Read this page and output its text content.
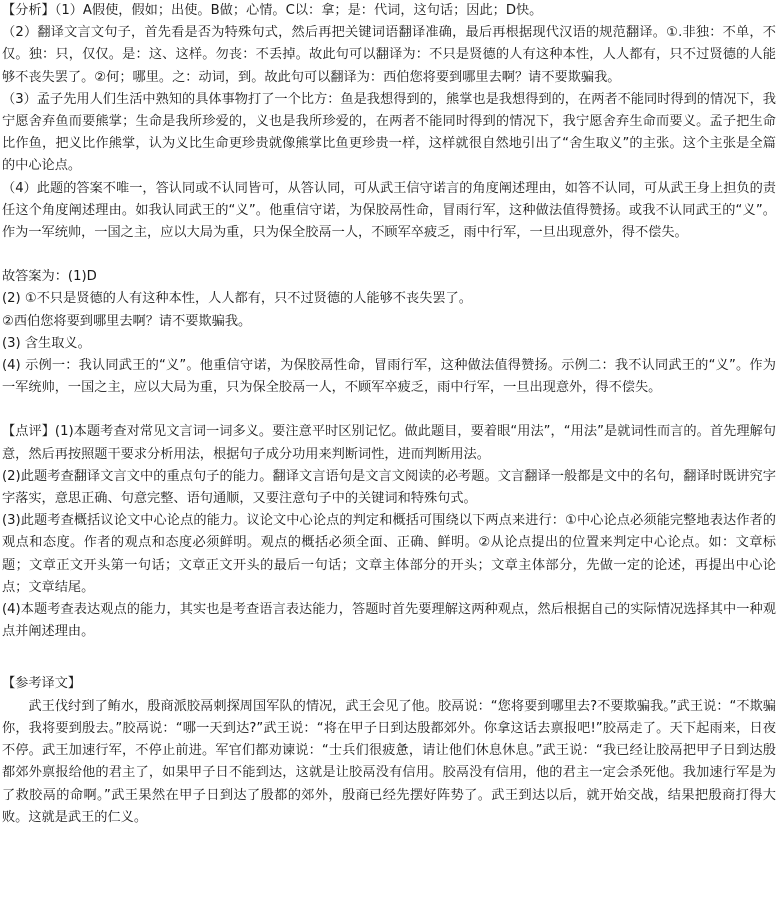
【分析】（1）A假使，假如；出使。B做；心情。C以：拿；是：代词，这句话；因此；D快。

（2）翻译文言文句子，首先看是否为特殊句式，然后再把关键词语翻译准确，最后再根据现代汉语的规范翻译。①.非独：不单，不仅。独：只，仅仅。是：这、这样。勿丧：不丢掉。故此句可以翻译为：不只是贤德的人有这种本性，人人都有，只不过贤德的人能够不丧失罢了。②何；哪里。之：动词，到。故此句可以翻译为：西伯您将要到哪里去啊？请不要欺骗我。

（3）孟子先用人们生活中熟知的具体事物打了一个比方：鱼是我想得到的，熊掌也是我想得到的，在两者不能同时得到的情况下，我宁愿舍弃鱼而要熊掌；生命是我所珍爱的，义也是我所珍爱的，在两者不能同时得到的情况下，我宁愿舍弃生命而要义。孟子把生命比作鱼，把义比作熊掌，认为义比生命更珍贵就像熊掌比鱼更珍贵一样，这样就很自然地引出了“舍生取义”的主张。这个主张是全篇的中心论点。

（4）此题的答案不唯一，答认同或不认同皆可，从答认同，可从武王信守诺言的角度阐述理由，如答不认同，可从武王身上担负的责任这个角度阐述理由。如我认同武王的“义”。他重信守诺，为保胶鬲性命，冒雨行军，这种做法值得赞扬。或我不认同武王的“义”。作为一军统帅，一国之主，应以大局为重，只为保全胶鬲一人，不顾军卒疲乏，雨中行军，一旦出现意外，得不偿失。

故答案为：(1)D

(2) ①不只是贤德的人有这种本性，人人都有，只不过贤德的人能够不丧失罢了。

②西伯您将要到哪里去啊？请不要欺骗我。

(3) 含生取义。

(4) 示例一：我认同武王的“义”。他重信守诺，为保胶鬲性命，冒雨行军，这种做法值得赞扬。示例二：我不认同武王的“义”。作为一军统帅，一国之主，应以大局为重，只为保全胶鬲一人，不顾军卒疲乏，雨中行军，一旦出现意外，得不偿失。

【点评】(1)本题考查对常见文言词一词多义。要注意平时区别记忆。做此题目，要着眼“用法”，“用法”是就词性而言的。首先理解句意，然后再按照题干要求分析用法，根据句子成分功用来判断词性，进而判断用法。

(2)此题考查翻译文言文中的重点句子的能力。翻译文言语句是文言文阅读的必考题。文言翻译一般都是文中的名句，翻译时既讲究字字落实，意思正确、句意完整、语句通顺，又要注意句子中的关键词和特殊句式。

(3)此题考查概括议论文中心论点的能力。议论文中心论点的判定和概括可围绕以下两点来进行：①中心论点必须能完整地表达作者的观点和态度。作者的观点和态度必须鲜明。观点的概括必须全面、正确、鲜明。②从论点提出的位置来判定中心论点。如：文章标题；文章正文开头第一句话；文章正文开头的最后一句话；文章主体部分的开头；文章主体部分，先做一定的论述，再提出中心论点；文章结尾。

(4)本题考查表达观点的能力，其实也是考查语言表达能力，答题时首先要理解这两种观点，然后根据自己的实际情况选择其中一种观点并阐述理由。

【参考译文】

武王伐纣到了鲔水，殷商派胶鬲刺探周国军队的情况，武王会见了他。胶鬲说：“您将要到哪里去?不要欺骗我。”武王说：“不欺骗你，我将要到殷去。”胶鬲说：“哪一天到达?”武王说：“将在甲子日到达殷都郊外。你拿这话去禀报吧!”胶鬲走了。天下起雨来，日夜不停。武王加速行军，不停止前进。军官们都劝谏说：“士兵们很疲惫，请让他们休息休息。”武王说：“我已经让胶鬲把甲子日到达殷都郊外禀报给他的君主了，如果甲子日不能到达，这就是让胶鬲没有信用。胶鬲没有信用，他的君主一定会杀死他。我加速行军是为了救胶鬲的命啊。”武王果然在甲子日到达了殷都的郊外，殷商已经先摆好阵势了。武王到达以后，就开始交战，结果把殷商打得大败。这就是武王的仁义。
